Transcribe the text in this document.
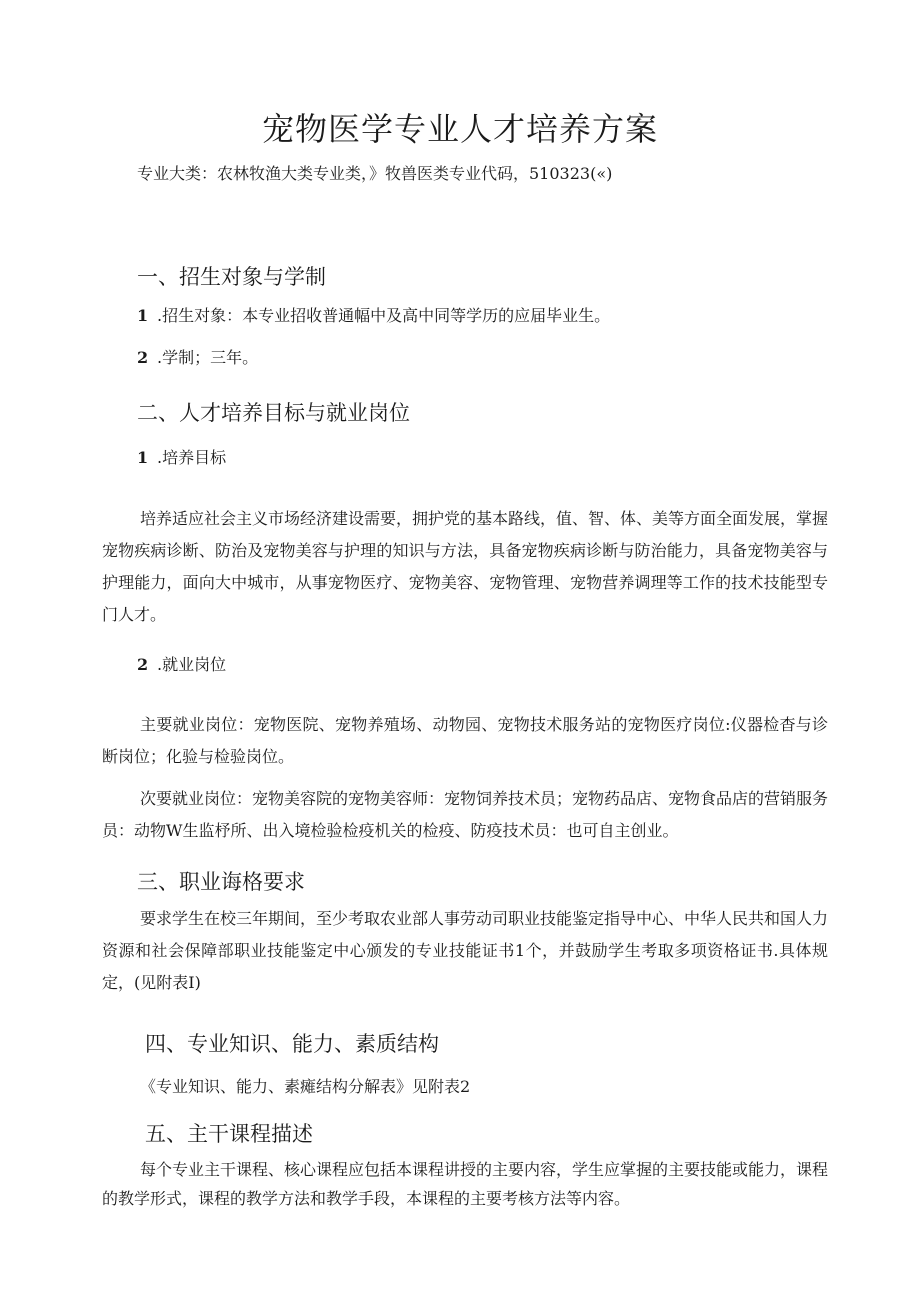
宠物医学专业人才培养方案

专业大类：农林牧渔大类专业类，》牧兽医类专业代码，510323(«)

一、招生对象与学制
1 .招生对象：本专业招收普通幅中及高中同等学历的应届毕业生。
2 .学制；三年。
二、人才培养目标与就业岗位
1 .培养目标

培养适应社会主义市场经济建设需要，拥护党的基本路线，值、智、体、美等方面全面发展，掌握宠物疾病诊断、防治及宠物美容与护理的知识与方法，具备宠物疾病诊断与防治能力，具备宠物美容与护理能力，面向大中城市，从事宠物医疗、宠物美容、宠物管理、宠物营养调理等工作的技术技能型专门人才。

2 .就业岗位

主要就业岗位：宠物医院、宠物养殖场、动物园、宠物技术服务站的宠物医疗岗位:仪器检杳与诊断岗位；化验与检验岗位。

次要就业岗位：宠物美容院的宠物美容师：宠物饲养技术员；宠物药品店、宠物食品店的营销服务员：动物W生监杼所、出入境检验检疫机关的检疫、防疫技术员：也可自主创业。

三、职业诲格要求

要求学生在校三年期间，至少考取农业部人事劳动司职业技能鉴定指导中心、中华人民共和国人力资源和社会保障部职业技能鉴定中心颁发的专业技能证书1个，并鼓励学生考取多项资格证书.具体规定，(见附表I)

四、专业知识、能力、素质结构

《专业知识、能力、素瘫结构分解表》见附表2

五、主干课程描述

每个专业主干课程、核心课程应包括本课程讲授的主要内容，学生应掌握的主要技能或能力，课程的教学形式，课程的教学方法和教学手段，本课程的主要考核方法等内容。
